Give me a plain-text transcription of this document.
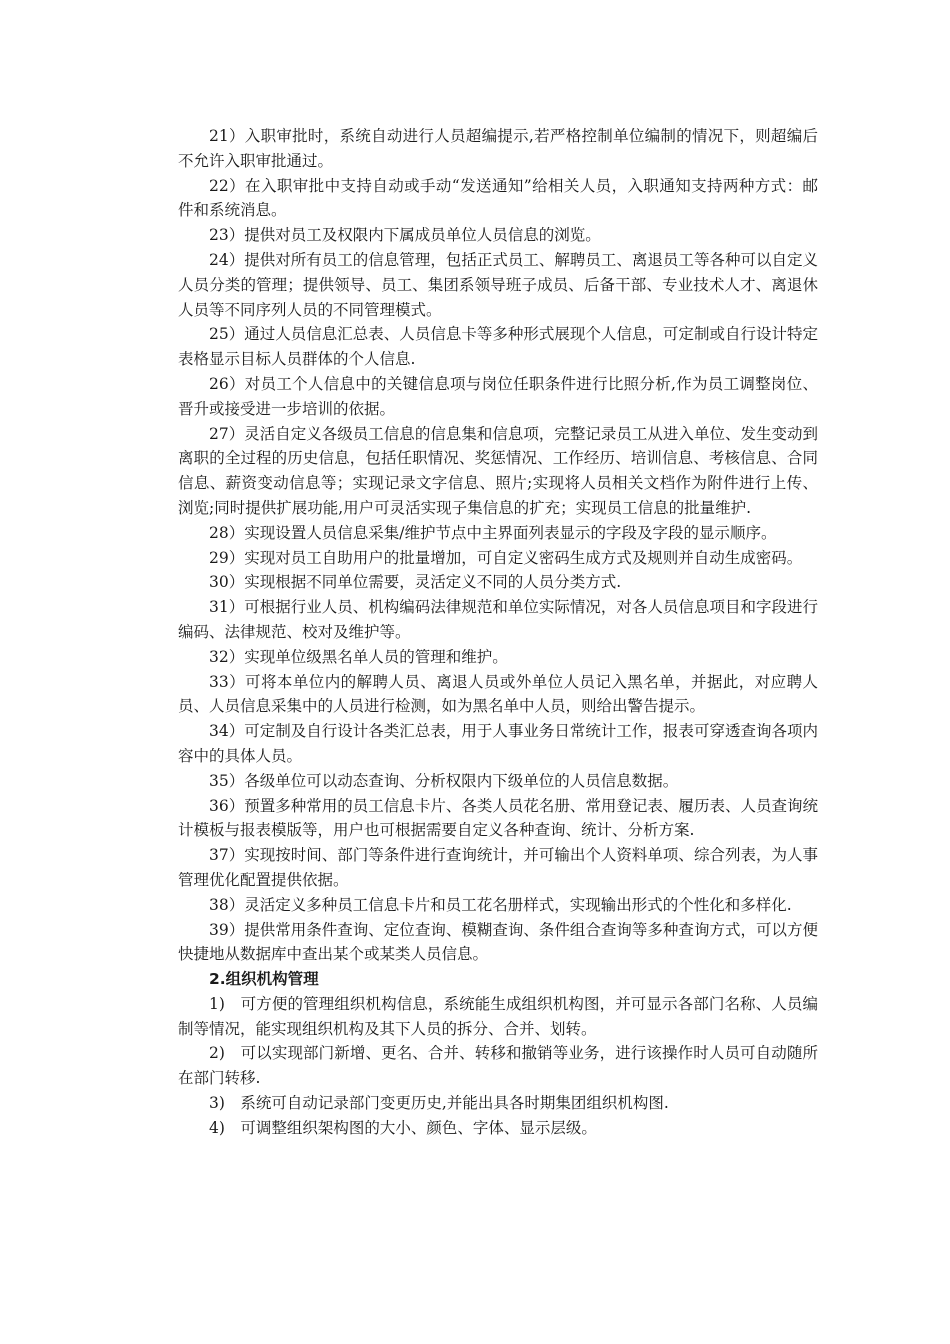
21）入职审批时，系统自动进行人员超编提示,若严格控制单位编制的情况下，则超编后不允许入职审批通过。

22）在入职审批中支持自动或手动“发送通知”给相关人员，入职通知支持两种方式：邮件和系统消息。

23）提供对员工及权限内下属成员单位人员信息的浏览。

24）提供对所有员工的信息管理，包括正式员工、解聘员工、离退员工等各种可以自定义人员分类的管理；提供领导、员工、集团系领导班子成员、后备干部、专业技术人才、离退休人员等不同序列人员的不同管理模式。

25）通过人员信息汇总表、人员信息卡等多种形式展现个人信息，可定制或自行设计特定表格显示目标人员群体的个人信息.

26）对员工个人信息中的关键信息项与岗位任职条件进行比照分析,作为员工调整岗位、晋升或接受进一步培训的依据。

27）灵活自定义各级员工信息的信息集和信息项，完整记录员工从进入单位、发生变动到离职的全过程的历史信息，包括任职情况、奖惩情况、工作经历、培训信息、考核信息、合同信息、薪资变动信息等；实现记录文字信息、照片;实现将人员相关文档作为附件进行上传、浏览;同时提供扩展功能,用户可灵活实现子集信息的扩充；实现员工信息的批量维护.

28）实现设置人员信息采集/维护节点中主界面列表显示的字段及字段的显示顺序。

29）实现对员工自助用户的批量增加，可自定义密码生成方式及规则并自动生成密码。

30）实现根据不同单位需要，灵活定义不同的人员分类方式.

31）可根据行业人员、机构编码法律规范和单位实际情况，对各人员信息项目和字段进行编码、法律规范、校对及维护等。

32）实现单位级黑名单人员的管理和维护。

33）可将本单位内的解聘人员、离退人员或外单位人员记入黑名单，并据此，对应聘人员、人员信息采集中的人员进行检测，如为黑名单中人员，则给出警告提示。

34）可定制及自行设计各类汇总表，用于人事业务日常统计工作，报表可穿透查询各项内容中的具体人员。

35）各级单位可以动态查询、分析权限内下级单位的人员信息数据。

36）预置多种常用的员工信息卡片、各类人员花名册、常用登记表、履历表、人员查询统计模板与报表模版等，用户也可根据需要自定义各种查询、统计、分析方案.

37）实现按时间、部门等条件进行查询统计，并可输出个人资料单项、综合列表，为人事管理优化配置提供依据。

38）灵活定义多种员工信息卡片和员工花名册样式，实现输出形式的个性化和多样化.

39）提供常用条件查询、定位查询、模糊查询、条件组合查询等多种查询方式，可以方便快捷地从数据库中查出某个或某类人员信息。

2.组织机构管理

1)　可方便的管理组织机构信息，系统能生成组织机构图，并可显示各部门名称、人员编制等情况，能实现组织机构及其下人员的拆分、合并、划转。

2)　可以实现部门新增、更名、合并、转移和撤销等业务，进行该操作时人员可自动随所在部门转移.

3)　系统可自动记录部门变更历史,并能出具各时期集团组织机构图.

4)　可调整组织架构图的大小、颜色、字体、显示层级。
